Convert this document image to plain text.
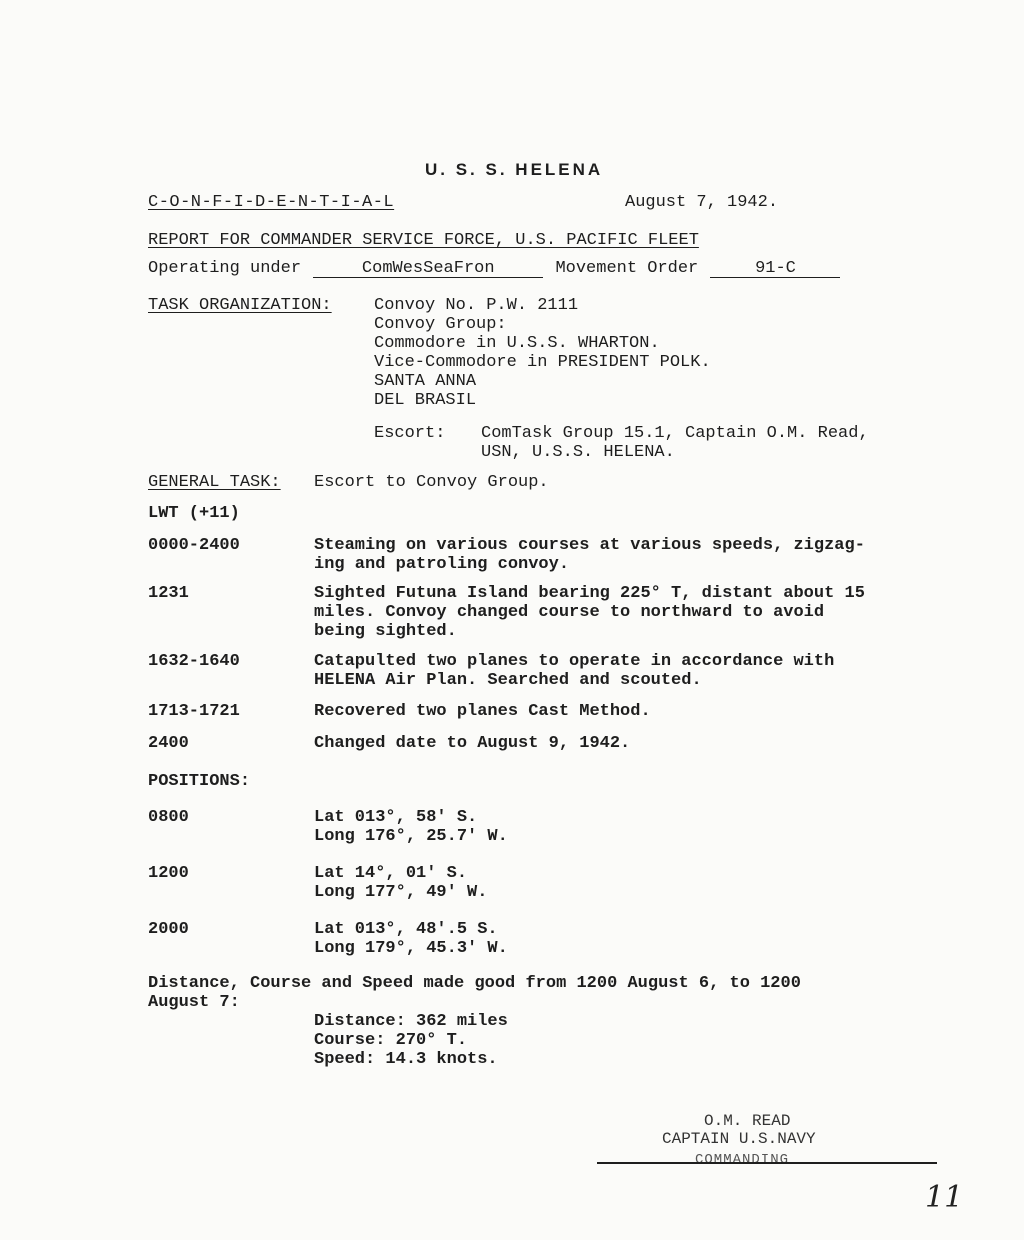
U. S. S. HELENA
C-O-N-F-I-D-E-N-T-I-A-L	August 7, 1942.
REPORT FOR COMMANDER SERVICE FORCE, U.S. PACIFIC FLEET
Operating under	ComWesSeaFron	Movement Order	91-C
TASK ORGANIZATION: Convoy No. P.W. 2111
Convoy Group:
Commodore in U.S.S. WHARTON.
Vice-Commodore in PRESIDENT POLK.
SANTA ANNA
DEL BRASIL
Escort: ComTask Group 15.1, Captain O.M. Read,
USN, U.S.S. HELENA.
GENERAL TASK: Escort to Convoy Group.
LWT (+11)
0000-2400	Steaming on various courses at various speeds, zigzag-
ing and patroling convoy.
1231	Sighted Futuna Island bearing 225° T, distant about 15
miles. Convoy changed course to northward to avoid
being sighted.
1632-1640	Catapulted two planes to operate in accordance with
HELENA Air Plan. Searched and scouted.
1713-1721	Recovered two planes Cast Method.
2400	Changed date to August 9, 1942.
POSITIONS:
0800	Lat 013°, 58' S.
Long 176°, 25.7' W.
1200	Lat 14°, 01' S.
Long 177°, 49' W.
2000	Lat 013°, 48'.5 S.
Long 179°, 45.3' W.
Distance, Course and Speed made good from 1200 August 6, to 1200
August 7:
Distance: 362 miles
Course: 270° T.
Speed: 14.3 knots.
O.M. READ
CAPTAIN U.S.NAVY
COMMANDING
11
